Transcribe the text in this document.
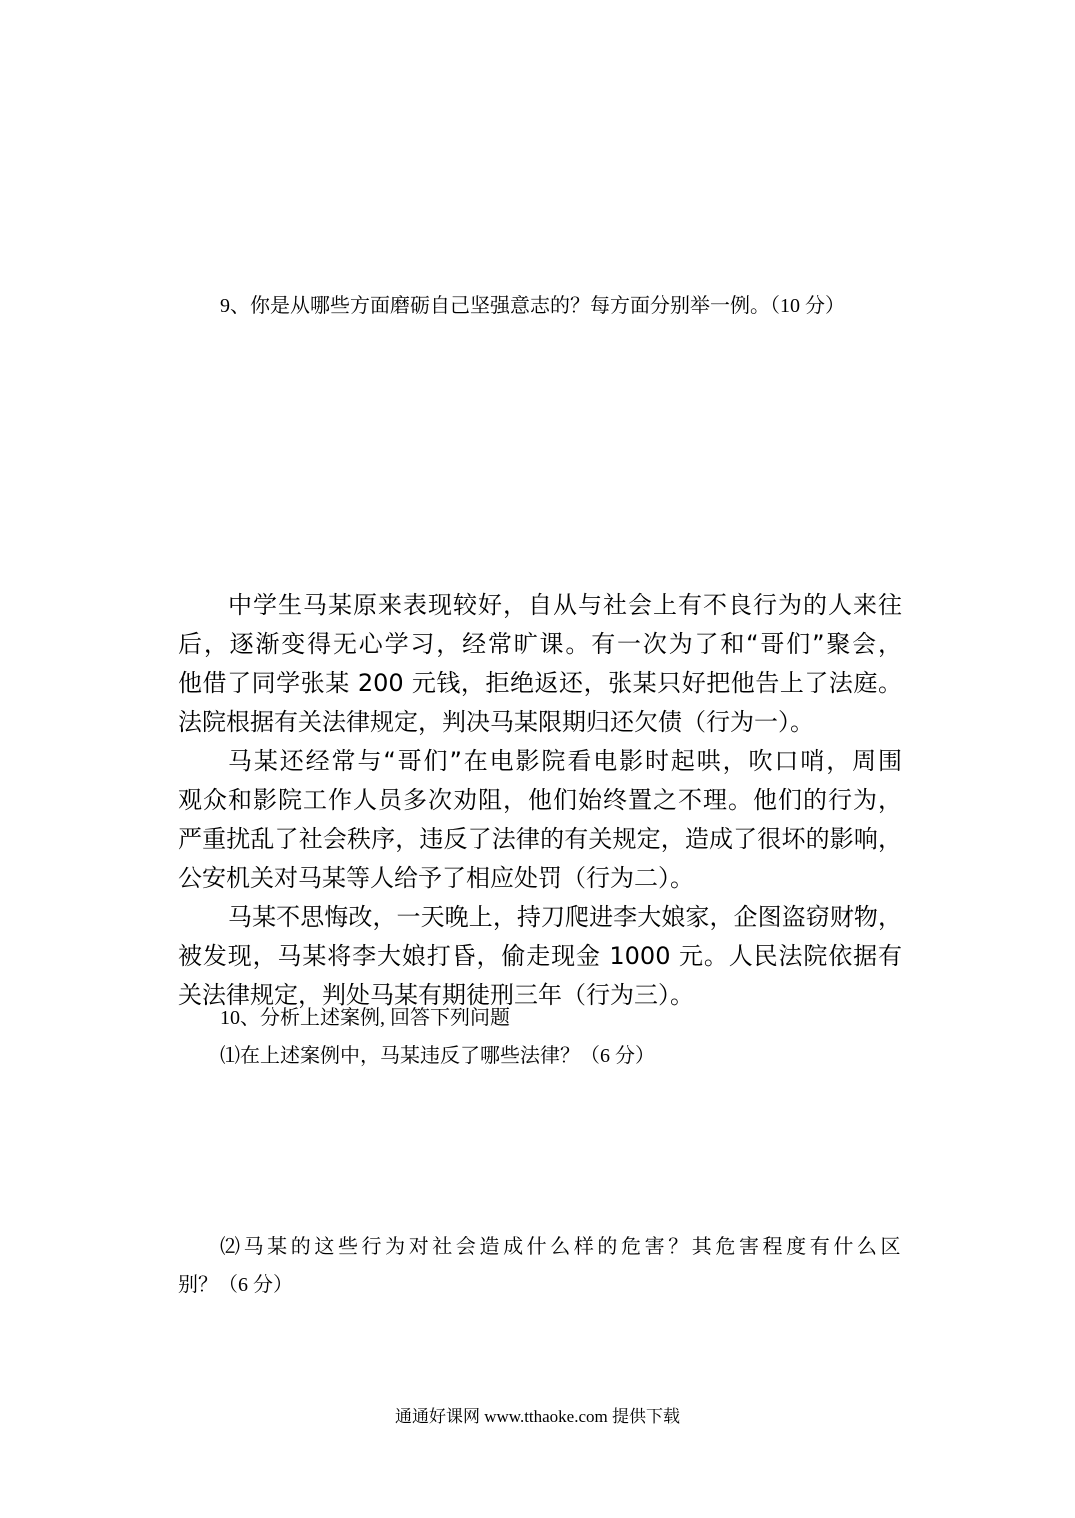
9、你是从哪些方面磨砺自己坚强意志的？每方面分别举一例。（10 分）
中学生马某原来表现较好，自从与社会上有不良行为的人来往
后，逐渐变得无心学习，经常旷课。有一次为了和“哥们”聚会，
他借了同学张某 200 元钱，拒绝返还，张某只好把他告上了法庭。
法院根据有关法律规定，判决马某限期归还欠债（行为一）。
马某还经常与“哥们”在电影院看电影时起哄，吹口哨，周围
观众和影院工作人员多次劝阻，他们始终置之不理。他们的行为，
严重扰乱了社会秩序，违反了法律的有关规定，造成了很坏的影响，
公安机关对马某等人给予了相应处罚（行为二）。
马某不思悔改，一天晚上，持刀爬进李大娘家，企图盗窃财物，
被发现，马某将李大娘打昏，偷走现金 1000 元。人民法院依据有
关法律规定，判处马某有期徒刑三年（行为三）。
10、分析上述案例, 回答下列问题
⑴在上述案例中，马某违反了哪些法律？（6 分）
⑵马某的这些行为对社会造成什么样的危害？其危害程度有什么区
别？（6 分）
通通好课网 www.tthaoke.com 提供下载
